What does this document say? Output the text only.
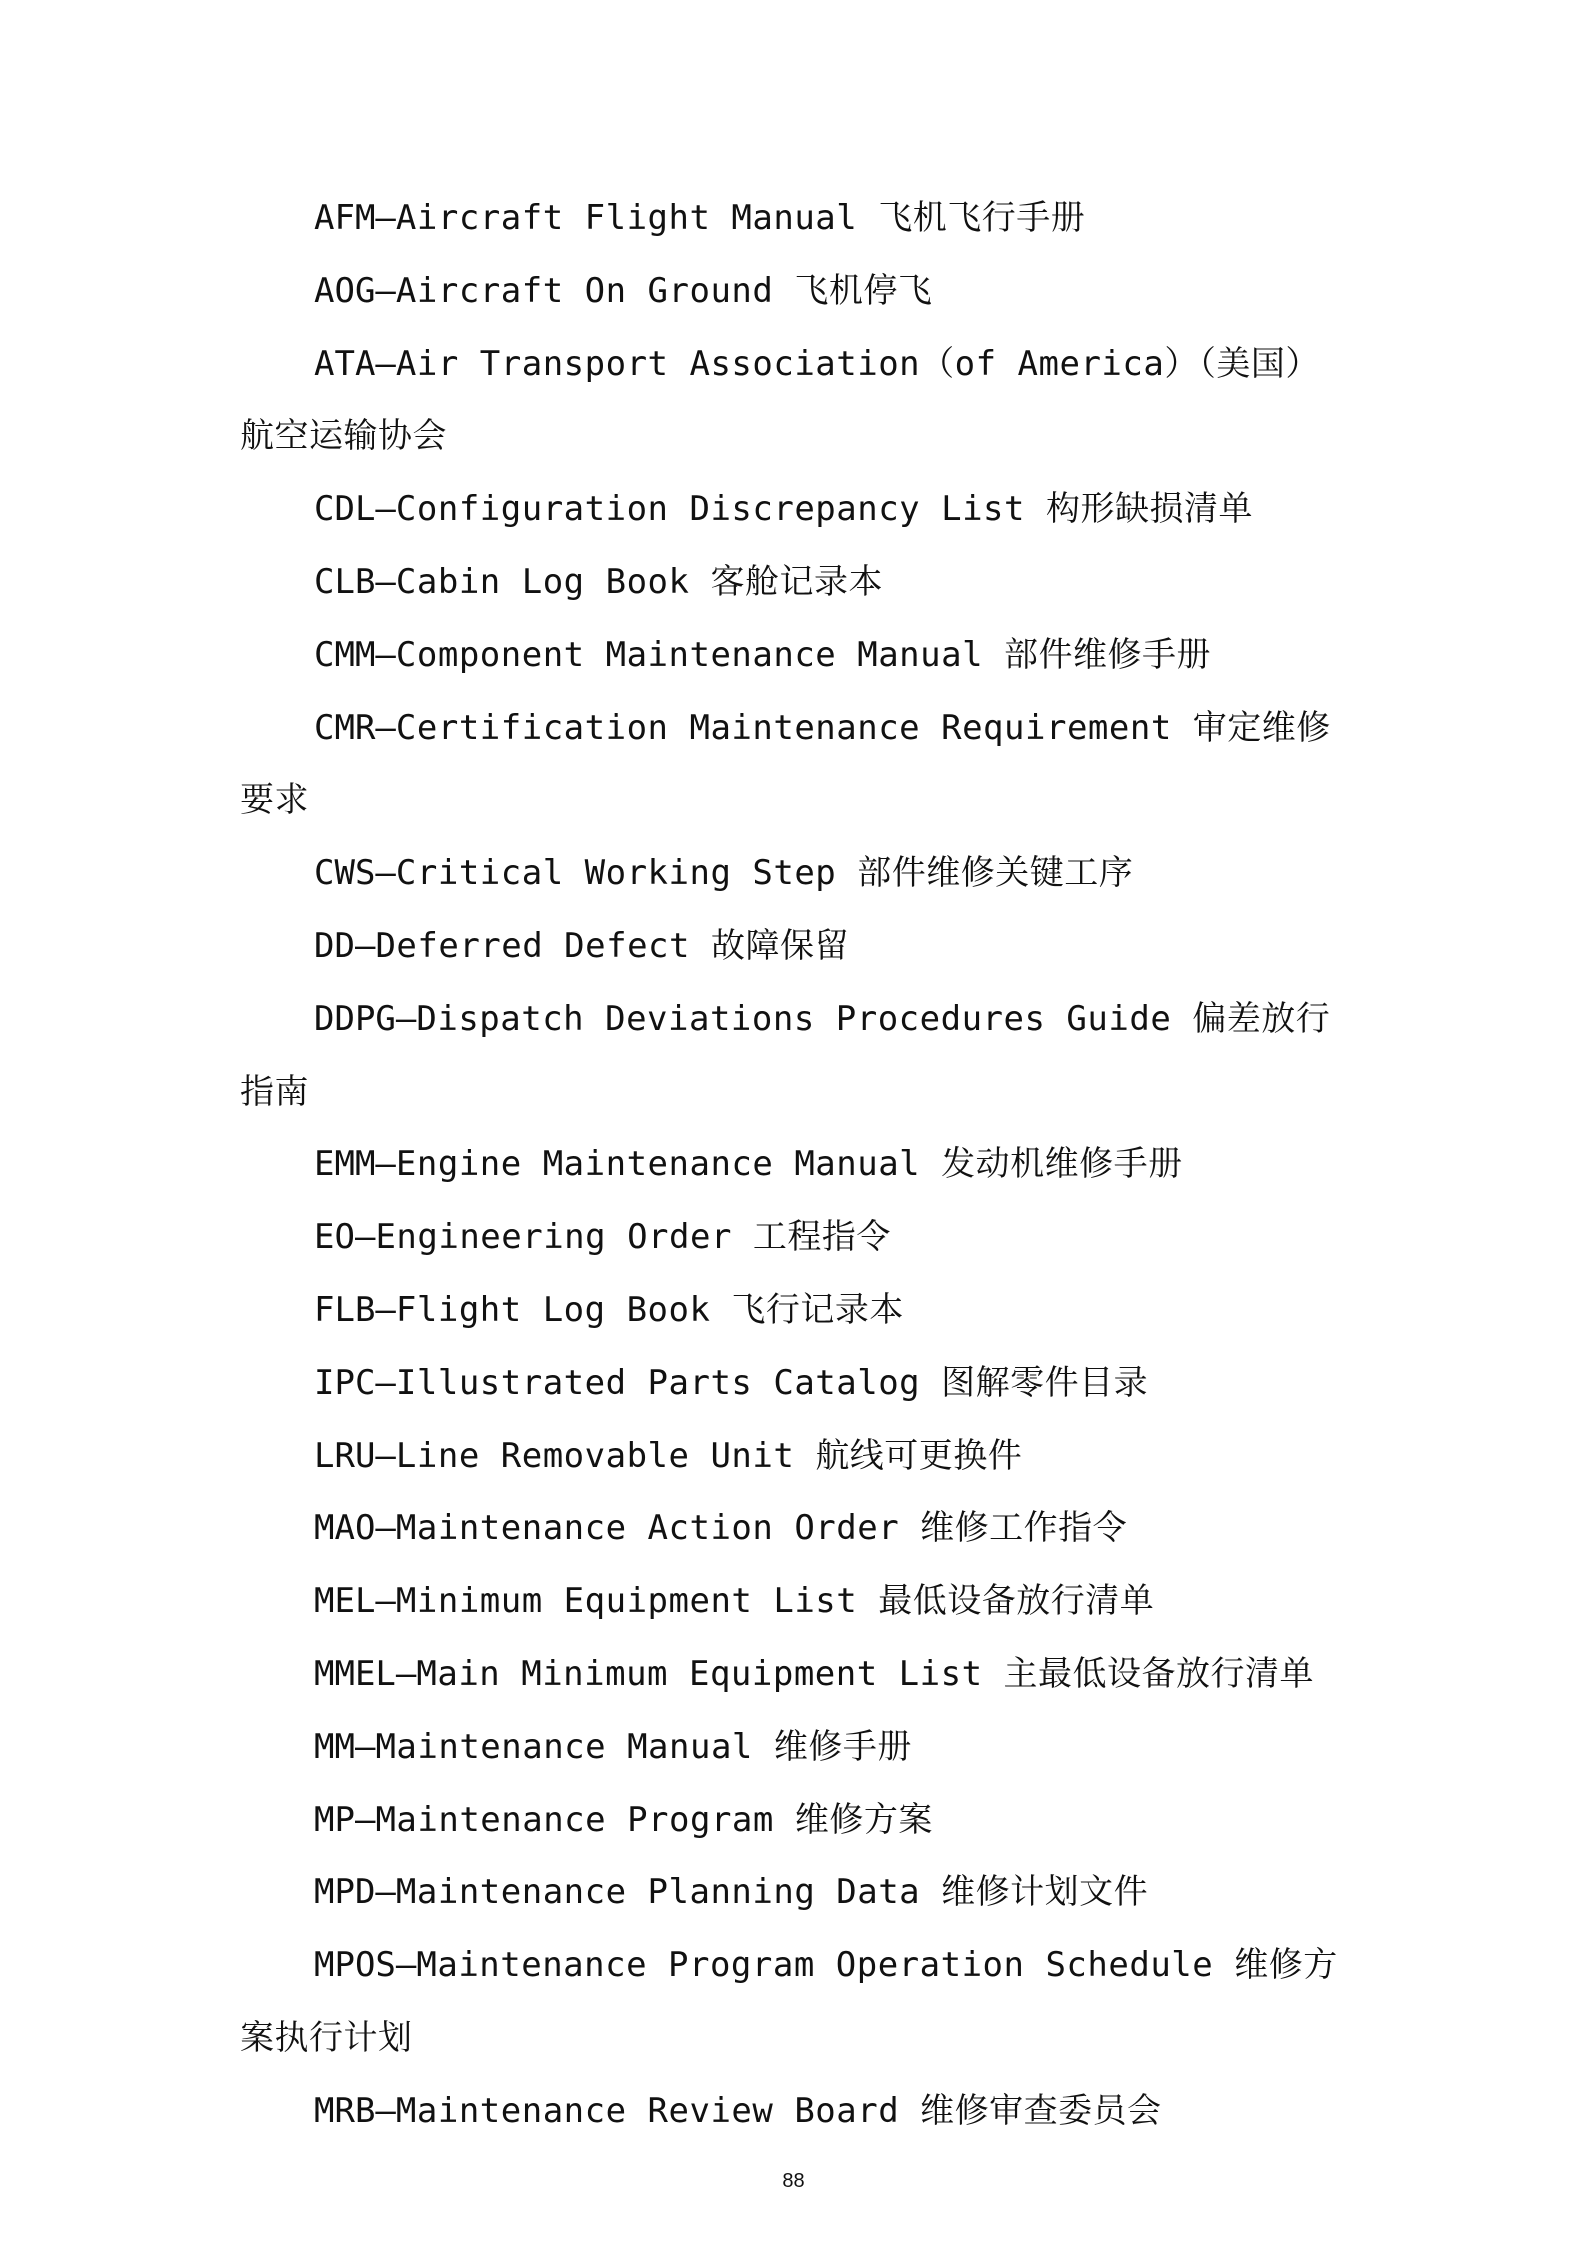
AFM—Aircraft Flight Manual 飞机飞行手册

AOG—Aircraft On Ground 飞机停飞

ATA—Air Transport Association（of America）（美国）航空运输协会

CDL—Configuration Discrepancy List 构形缺损清单

CLB—Cabin Log Book 客舱记录本

CMM—Component Maintenance Manual 部件维修手册

CMR—Certification Maintenance Requirement 审定维修要求

CWS—Critical Working Step 部件维修关键工序

DD—Deferred Defect 故障保留

DDPG—Dispatch Deviations Procedures Guide 偏差放行指南

EMM—Engine Maintenance Manual 发动机维修手册

EO—Engineering Order 工程指令

FLB—Flight Log Book 飞行记录本

IPC—Illustrated Parts Catalog 图解零件目录

LRU—Line Removable Unit 航线可更换件

MAO—Maintenance Action Order 维修工作指令

MEL—Minimum Equipment List 最低设备放行清单

MMEL—Main Minimum Equipment List 主最低设备放行清单

MM—Maintenance Manual 维修手册

MP—Maintenance Program 维修方案

MPD—Maintenance Planning Data 维修计划文件

MPOS—Maintenance Program Operation Schedule 维修方案执行计划

MRB—Maintenance Review Board 维修审查委员会

88
